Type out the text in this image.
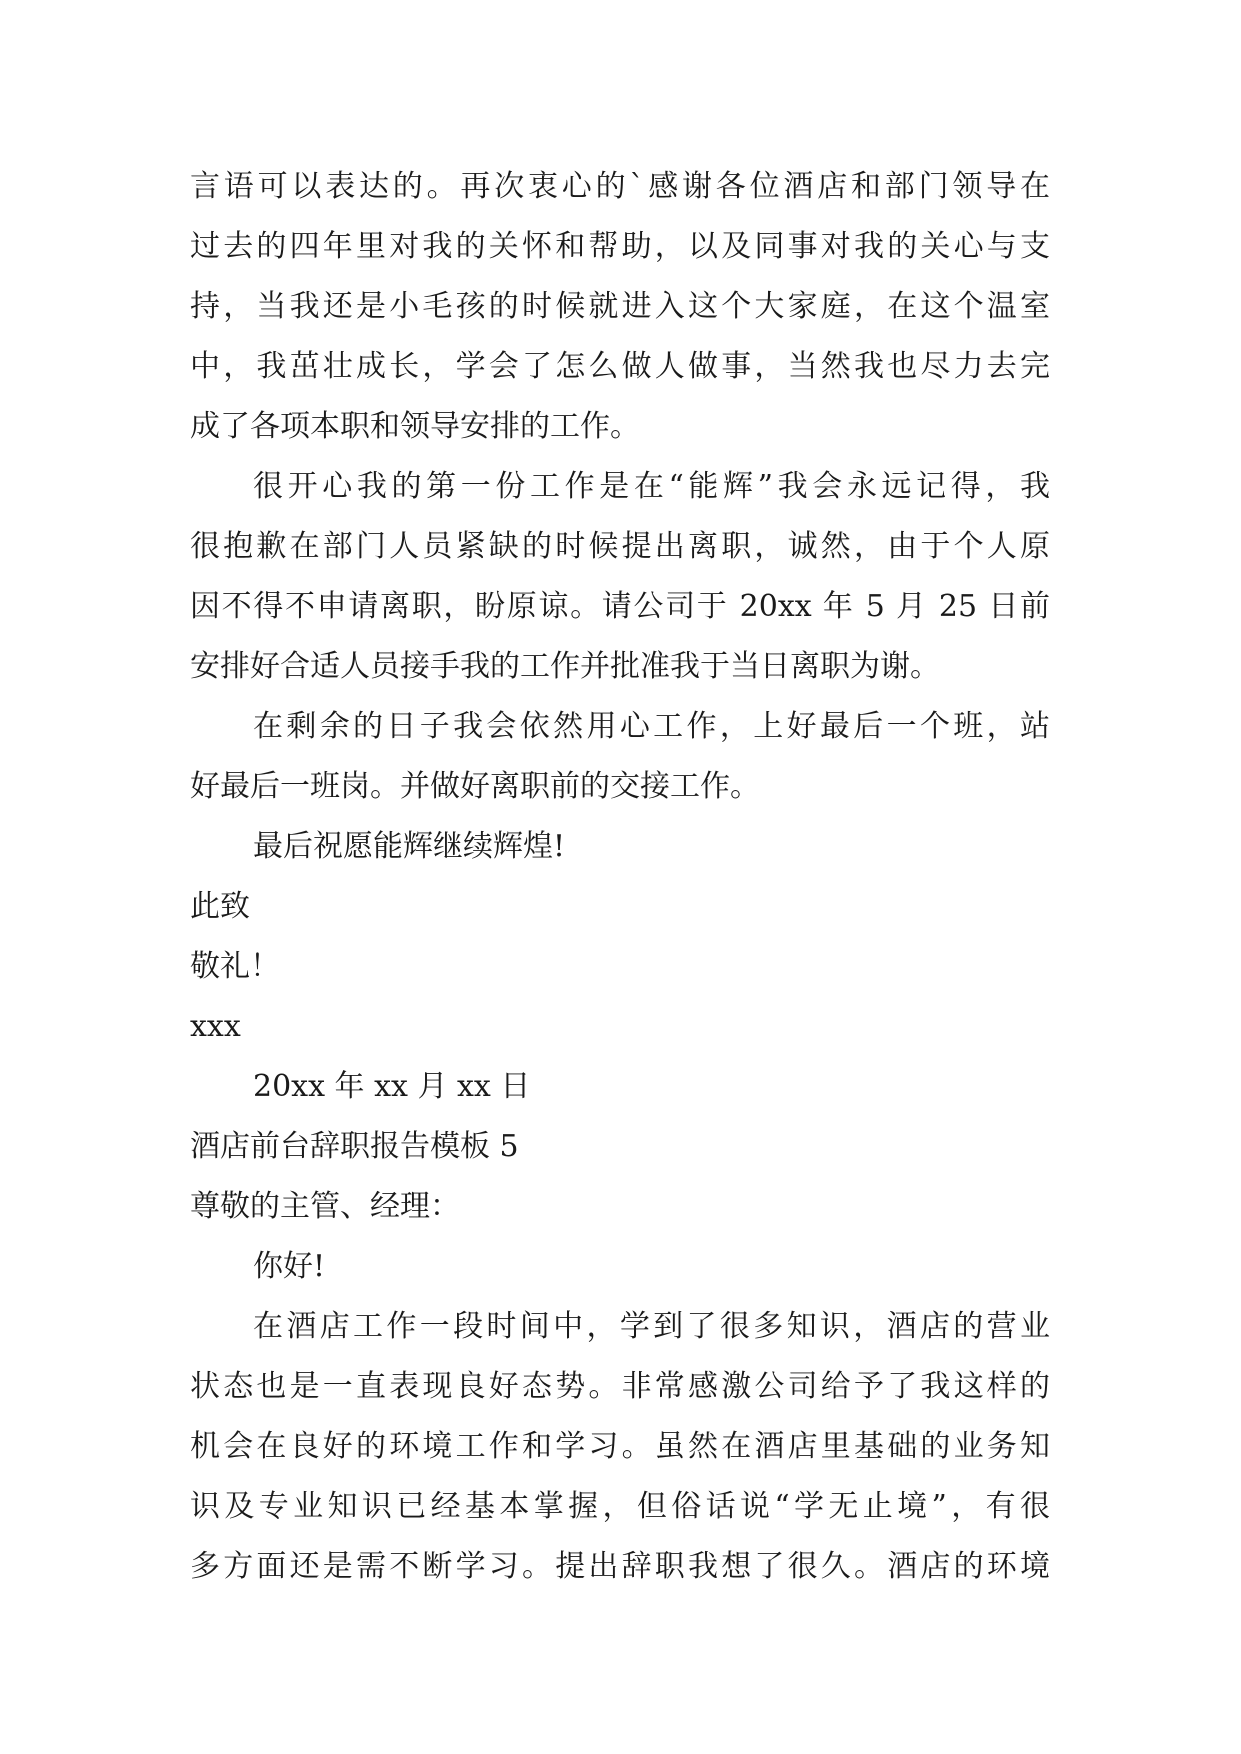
言语可以表达的。再次衷心的`感谢各位酒店和部门领导在
过去的四年里对我的关怀和帮助，以及同事对我的关心与支
持，当我还是小毛孩的时候就进入这个大家庭，在这个温室
中，我茁壮成长，学会了怎么做人做事，当然我也尽力去完
成了各项本职和领导安排的工作。
很开心我的第一份工作是在“能辉”我会永远记得，我
很抱歉在部门人员紧缺的时候提出离职，诚然，由于个人原
因不得不申请离职，盼原谅。请公司于 20xx 年 5 月 25 日前
安排好合适人员接手我的工作并批准我于当日离职为谢。
在剩余的日子我会依然用心工作，上好最后一个班，站
好最后一班岗。并做好离职前的交接工作。
最后祝愿能辉继续辉煌!
此致
敬礼！
xxx
20xx 年 xx 月 xx 日
酒店前台辞职报告模板 5
尊敬的主管、经理：
你好!
在酒店工作一段时间中，学到了很多知识，酒店的营业
状态也是一直表现良好态势。非常感激公司给予了我这样的
机会在良好的环境工作和学习。虽然在酒店里基础的业务知
识及专业知识已经基本掌握，但俗话说“学无止境”，有很
多方面还是需不断学习。提出辞职我想了很久。酒店的环境
